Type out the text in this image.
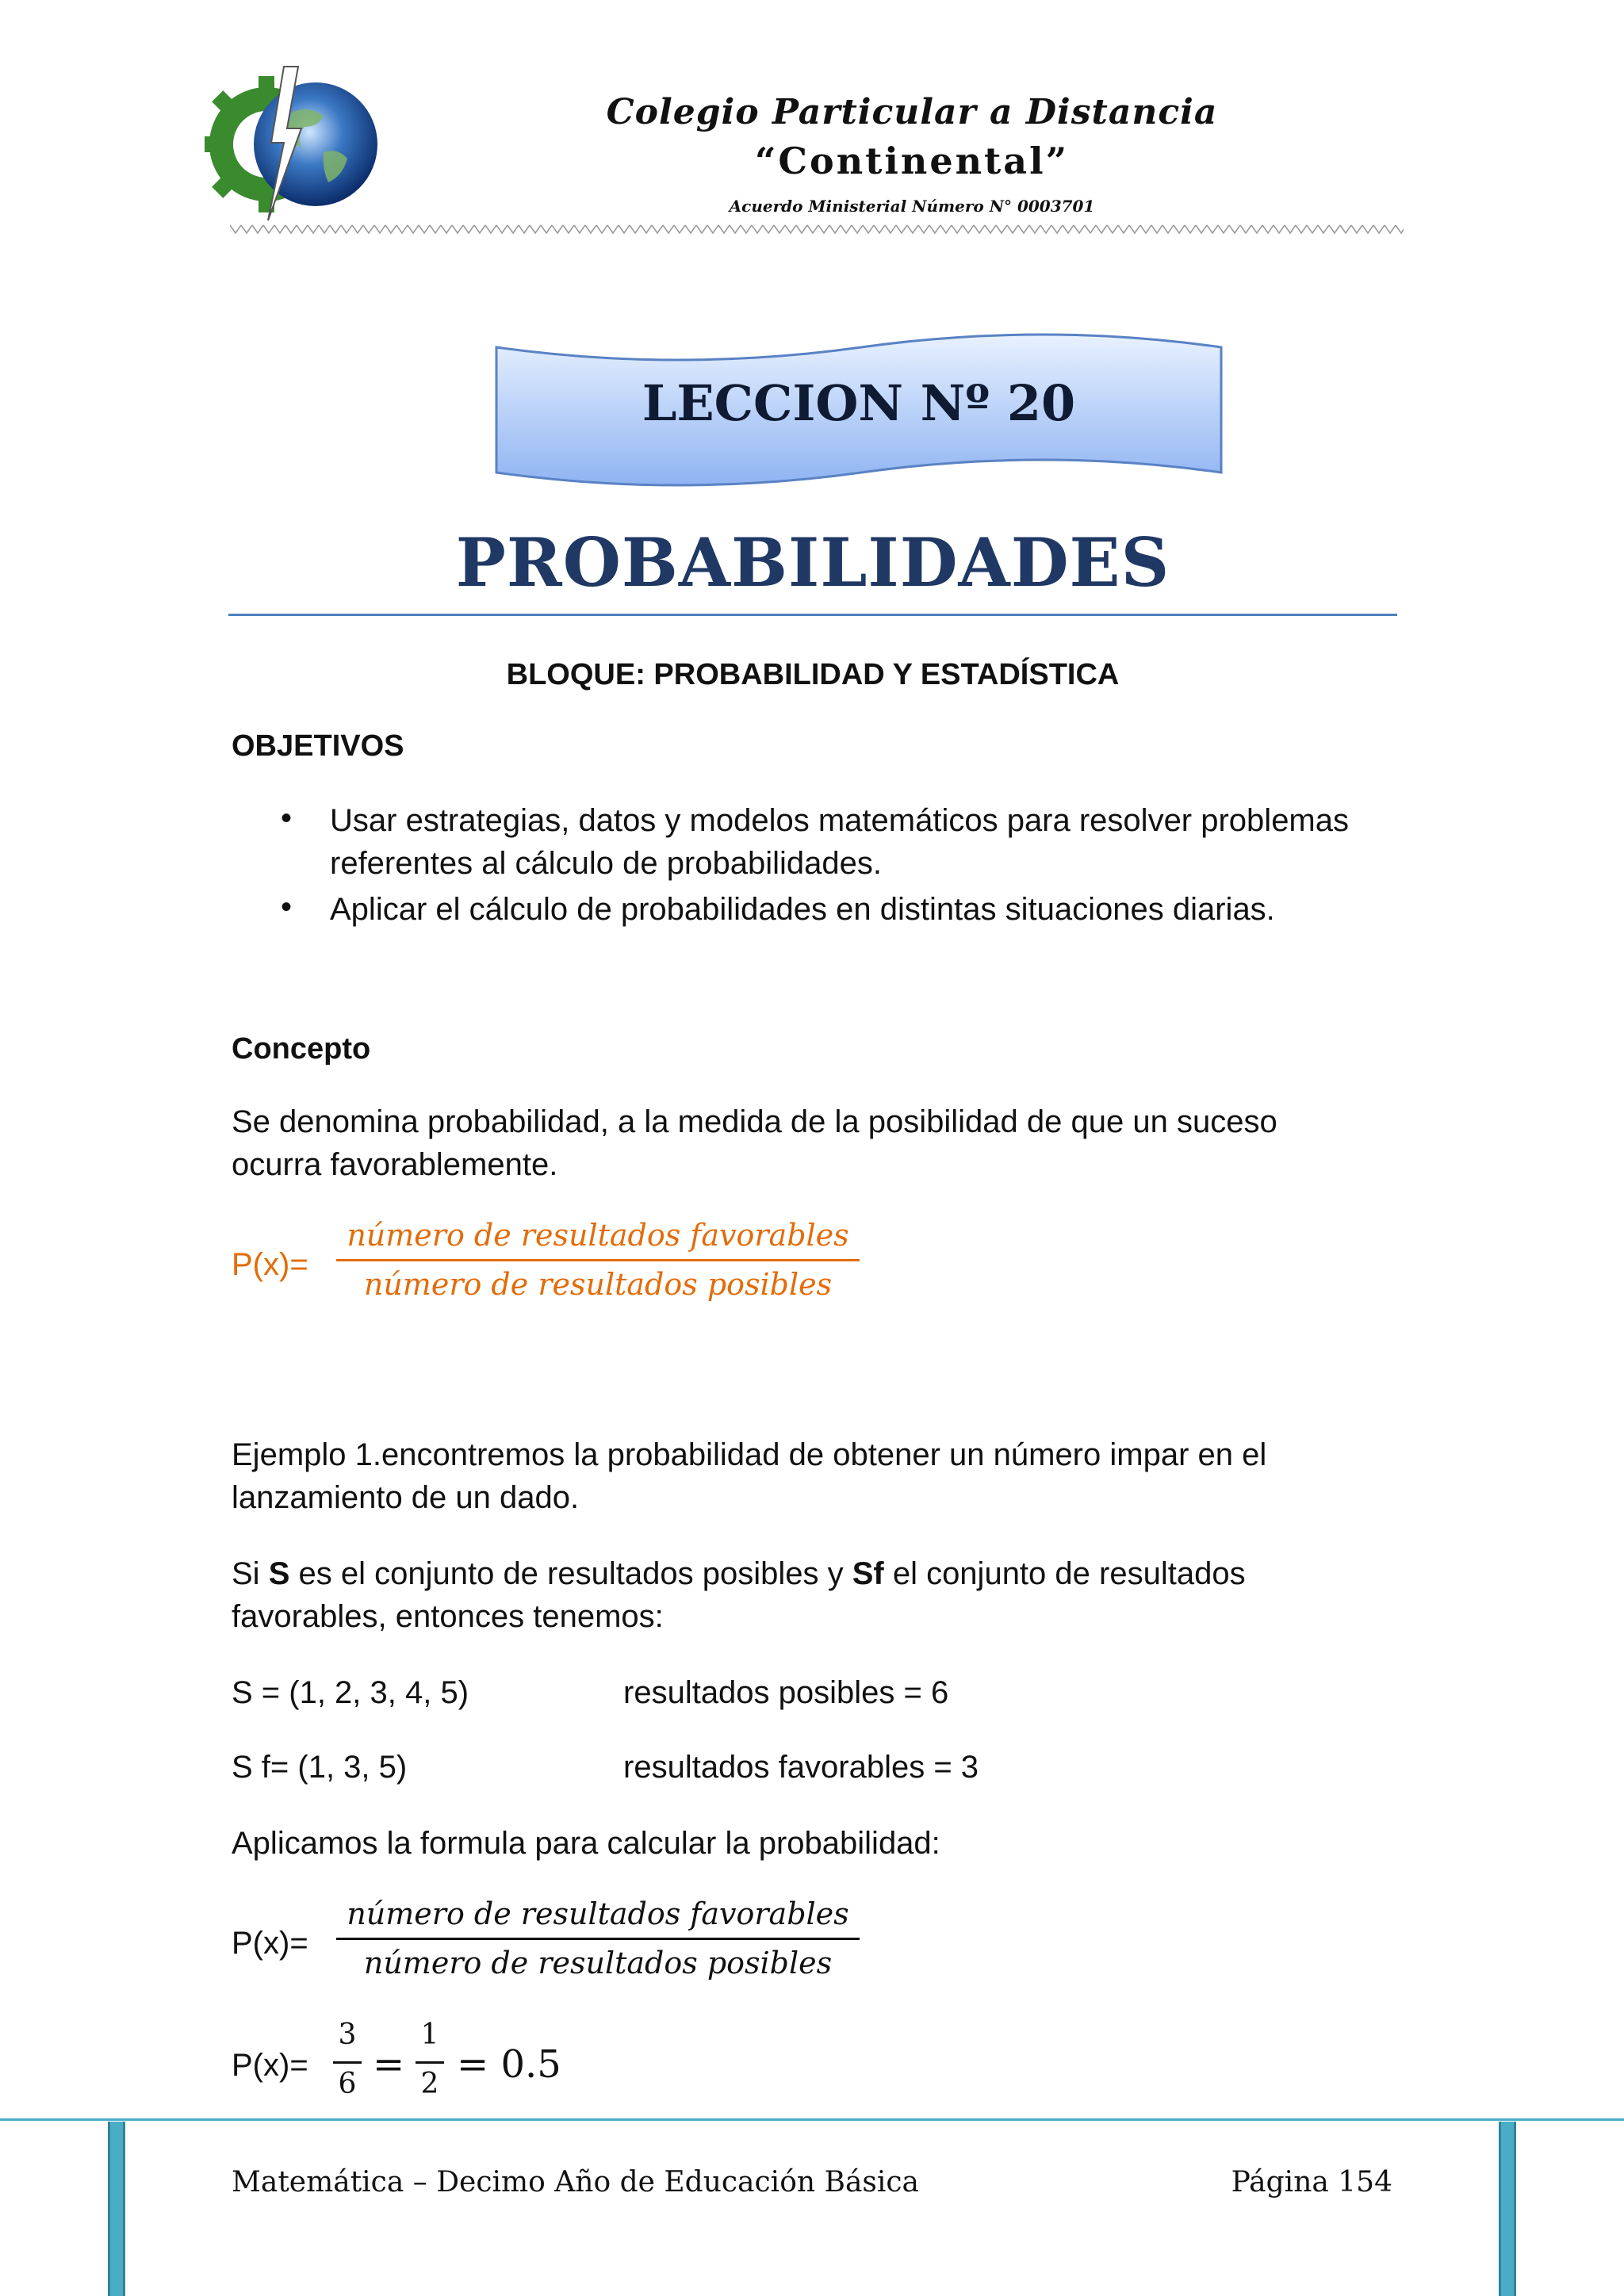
Colegio Particular a Distancia
“Continental”
Acuerdo Ministerial Número N° 0003701
LECCION Nº 20
PROBABILIDADES
BLOQUE: PROBABILIDAD Y ESTADÍSTICA
OBJETIVOS
• Usar estrategias, datos y modelos matemáticos para resolver problemas
referentes al cálculo de probabilidades.
• Aplicar el cálculo de probabilidades en distintas situaciones diarias.
Concepto
Se denomina probabilidad, a la medida de la posibilidad de que un suceso
ocurra favorablemente.
P(x)=
número de resultados favorables
número de resultados posibles
Ejemplo 1.encontremos la probabilidad de obtener un número impar en el
lanzamiento de un dado.
Si S es el conjunto de resultados posibles y Sf el conjunto de resultados
favorables, entonces tenemos:
S = (1, 2, 3, 4, 5)	resultados posibles = 6
S f= (1, 3, 5)	resultados favorables = 3
Aplicamos la formula para calcular la probabilidad:
P(x)=
número de resultados favorables
número de resultados posibles
P(x)=
3
6 =
1
2 = 0.5
Matemática – Decimo Año de Educación Básica	Página 154
